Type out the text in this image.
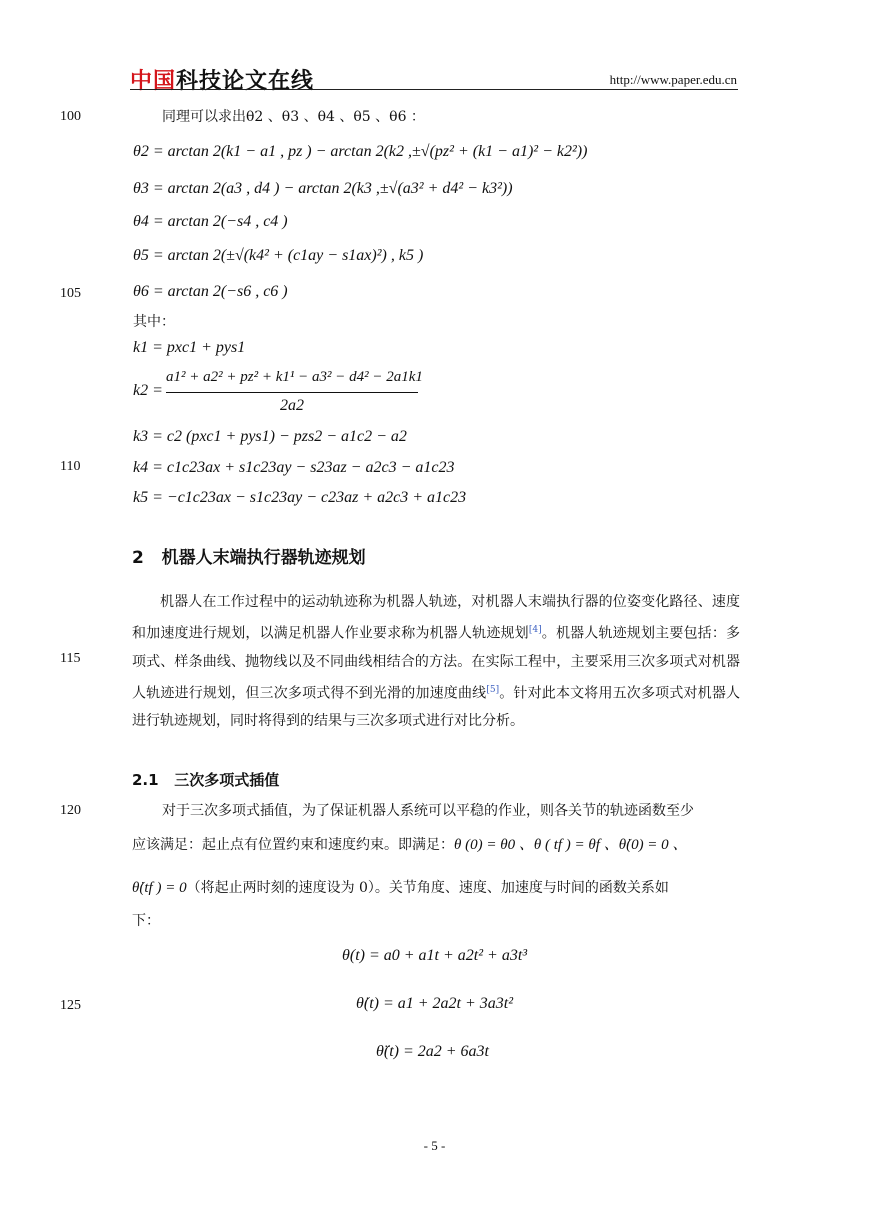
中国科技论文在线	http://www.paper.edu.cn
100
105
110
115
120
125
同理可以求出θ2 、θ3 、θ4 、θ5 、θ6 ：
θ2 = arctan 2(k1 − a1 , pz ) − arctan 2(k2 ,±√(pz² + (k1 − a1)² − k2²))
θ3 = arctan 2(a3 , d4 ) − arctan 2(k3 ,±√(a3² + d4² − k3²))
θ4 = arctan 2(−s4 , c4 )
θ5 = arctan 2(±√(k4² + (c1ay − s1ax)²) , k5 )
θ6 = arctan 2(−s6 , c6 )
其中：
k1 = pxc1 + pys1
k2 =
a1² + a2² + pz² + k1¹ − a3² − d4² − 2a1k1
2a2
k3 = c2 (pxc1 + pys1) − pzs2 − a1c2 − a2
k4 = c1c23ax + s1c23ay − s23az − a2c3 − a1c23
k5 = −c1c23ax − s1c23ay − c23az + a2c3 + a1c23
2 机器人末端执行器轨迹规划
机器人在工作过程中的运动轨迹称为机器人轨迹，对机器人末端执行器的位姿变化路径、速度和加速度进行规划，以满足机器人作业要求称为机器人轨迹规划[4]。机器人轨迹规划主要包括：多项式、样条曲线、抛物线以及不同曲线相结合的方法。在实际工程中，主要采用三次多项式对机器人轨迹进行规划，但三次多项式得不到光滑的加速度曲线[5]。针对此本文将用五次多项式对机器人进行轨迹规划，同时将得到的结果与三次多项式进行对比分析。
2.1 三次多项式插值
对于三次多项式插值，为了保证机器人系统可以平稳的作业，则各关节的轨迹函数至少
应该满足：起止点有位置约束和速度约束。即满足：θ (0) = θ0 、θ ( tf ) = θf 、θ̇(0) = 0 、
θ̇(tf ) = 0（将起止两时刻的速度设为 0）。关节角度、速度、加速度与时间的函数关系如
下：
θ(t) = a0 + a1t + a2t² + a3t³
θ̇(t) = a1 + 2a2t + 3a3t²
θ̈(t) = 2a2 + 6a3t
- 5 -
